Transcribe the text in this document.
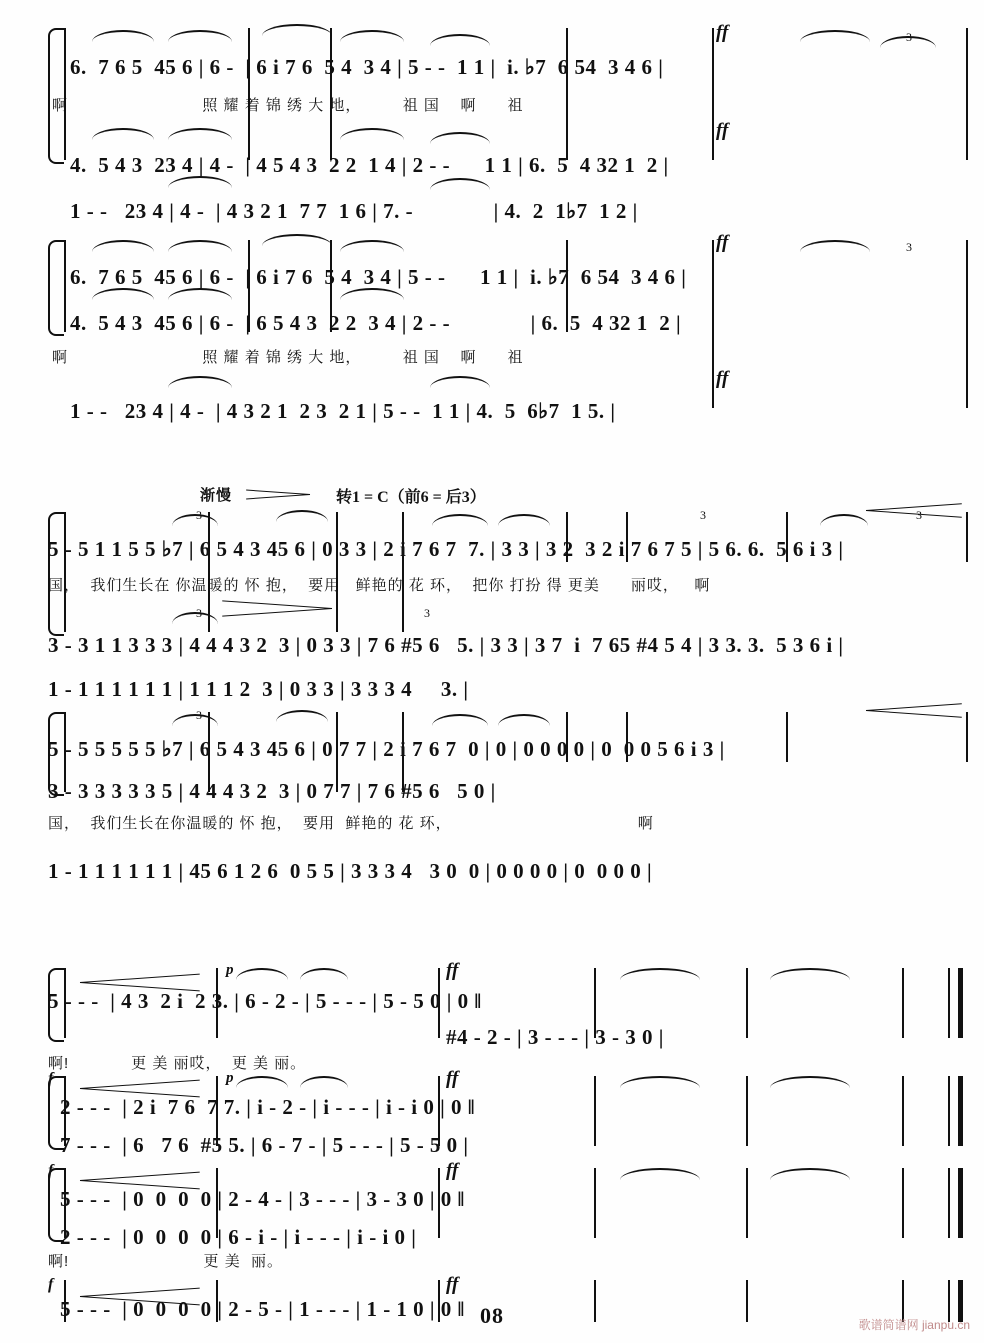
3
ff
6.  7 6 5  45 6 | 6 -  | 6 i 7 6  5 4  3 4 | 5 - -  1 1 |  i. ♭7  6 54  3 4 6 |
啊                          照 耀 着 锦 绣 大 地，        祖 国    啊      祖
ff
4.  5 4 3  23 4 | 4 -  | 4 5 4 3  2 2  1 4 | 2 - -      1 1 | 6.  5  4 32 1  2 |
1 - -   23 4 | 4 -  | 4 3 2 1  7 7  1 6 | 7. -              | 4.  2  1♭7  1 2 |
ff	3
6.  7 6 5  45 6 | 6 -  | 6 i 7 6  5 4  3 4 | 5 - -      1 1 |  i. ♭7  6 54  3 4 6 |
4.  5 4 3  45 6 | 6 -  | 6 5 4 3  2 2  3 4 | 2 - -              | 6.  5  4 32 1  2 |
啊                          照 耀 着 锦 绣 大 地，        祖 国    啊      祖
ff
1 - -   23 4 | 4 -  | 4 3 2 1  2 3  2 1 | 5 - -  1 1 | 4.  5  6♭7  1 5. |
渐慢	转1 = C（前6 = 后3）
3	3	3
5 - 5 1 1 5 5 ♭7 | 6 5 4 3 45 6 | 0 3 3 | 2 i 7 6 7  7. | 3 3 | 3 2  3 2 i 7 6 7 5 | 5 6. 6.  5 6 i 3 |
国，  我们生长在 你温暖的 怀 抱，  要用   鲜艳的 花 环，  把你 打扮 得 更美      丽哎，   啊
3	3
3 - 3 1 1 3 3 3 | 4 4 4 3 2  3 | 0 3 3 | 7 6 #5 6   5. | 3 3 | 3 7  i  7 65 #4 5 4 | 3 3. 3.  5 3 6 i |
1 - 1 1 1 1 1 1 | 1 1 1 2  3 | 0 3 3 | 3 3 3 4     3. |
3
5 - 5 5 5 5 5 ♭7 | 6 5 4 3 45 6 | 0 7 7 | 2 i 7 6 7  0 | 0 | 0 0 0 0 | 0  0 0 5 6 i 3 |
3 - 3 3 3 3 3 5 | 4 4 4 3 2  3 | 0 7 7 | 7 6 #5 6   5 0 |
国，  我们生长在你温暖的 怀 抱，  要用  鲜艳的 花 环，                                    啊
1 - 1 1 1 1 1 1 | 45 6 1 2 6  0 5 5 | 3 3 3 4   3 0  0 | 0 0 0 0 | 0  0 0 0 |
p	ff
5 - - -  | 4 3  2 i  2 3. | 6 - 2 - | 5 - - - | 5 - 5 0 | 0 ‖
#4 - 2 - | 3 - - - | 3 - 3 0 |
啊!            更 美 丽哎，  更 美 丽。
f	p	ff
2 - - -  | 2 i  7 6  7 7. | i - 2 - | i - - - | i - i 0 | 0 ‖
7 - - -  | 6   7 6  #5 5. | 6 - 7 - | 5 - - - | 5 - 5 0 |
f	ff
5 - - -  | 0  0  0  0 | 2 - 4 - | 3 - - - | 3 - 3 0 | 0 ‖
2 - - -  | 0  0  0  0 | 6 - i - | i - - - | i - i 0 |
啊!                          更 美  丽。
f	ff
5 - - -  | 0  0  0  0 | 2 - 5 - | 1 - - - | 1 - 1 0 | 0 ‖ 08	歌谱简谱网 jianpu.cn
